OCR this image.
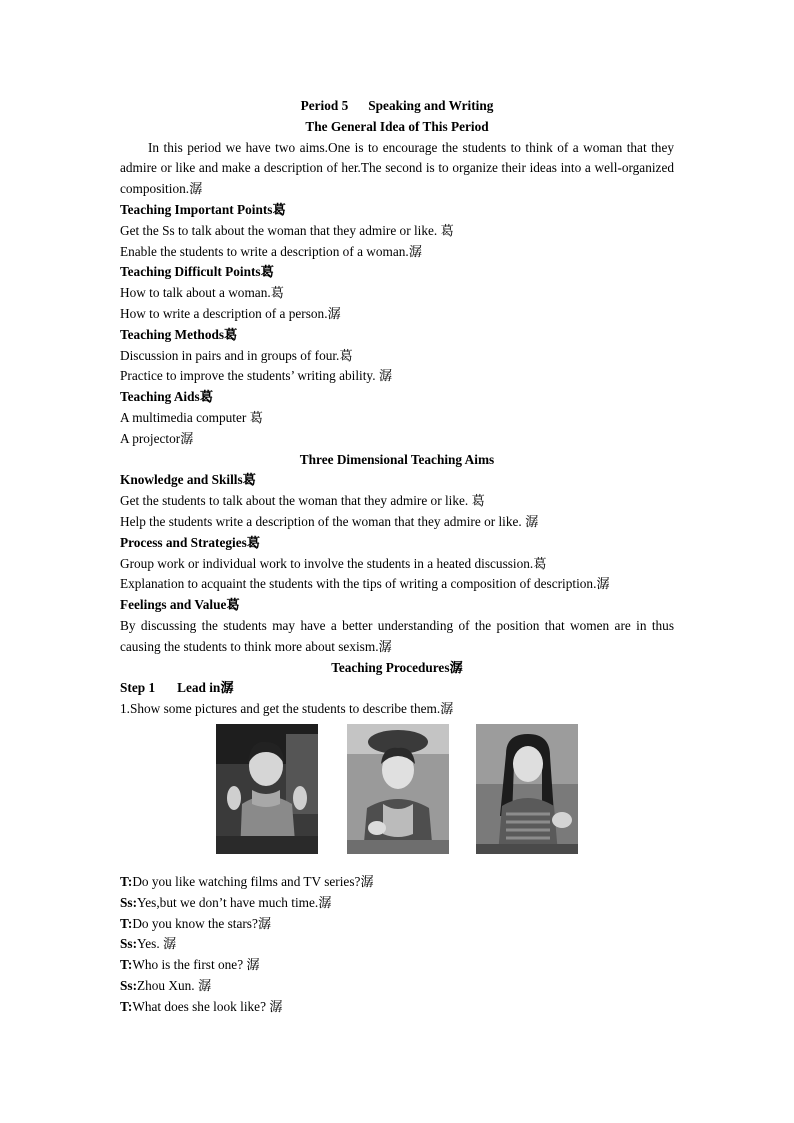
Period 5 Speaking and Writing
The General Idea of This Period
In this period we have two aims.One is to encourage the students to think of a woman that they admire or like and make a description of her.The second is to organize their ideas into a well-organized composition.潺
Teaching Important Points葛
Get the Ss to talk about the woman that they admire or like. 葛
Enable the students to write a description of a woman.潺
Teaching Difficult Points葛
How to talk about a woman.葛
How to write a description of a person.潺
Teaching Methods葛
Discussion in pairs and in groups of four.葛
Practice to improve the students’ writing ability. 潺
Teaching Aids葛
A multimedia computer 葛
A projector潺
Three Dimensional Teaching Aims
Knowledge and Skills葛
Get the students to talk about the woman that they admire or like. 葛
Help the students write a description of the woman that they admire or like. 潺
Process and Strategies葛
Group work or individual work to involve the students in a heated discussion.葛
Explanation to acquaint the students with the tips of writing a composition of description.潺
Feelings and Value葛
By discussing the students may have a better understanding of the position that women are in thus causing the students to think more about sexism.潺
Teaching Procedures潺
Step 1 Lead in潺
1.Show some pictures and get the students to describe them.潺
T:Do you like watching films and TV series?潺
Ss:Yes,but we don’t have much time.潺
T:Do you know the stars?潺
Ss:Yes. 潺
T:Who is the first one? 潺
Ss:Zhou Xun. 潺
T:What does she look like? 潺
